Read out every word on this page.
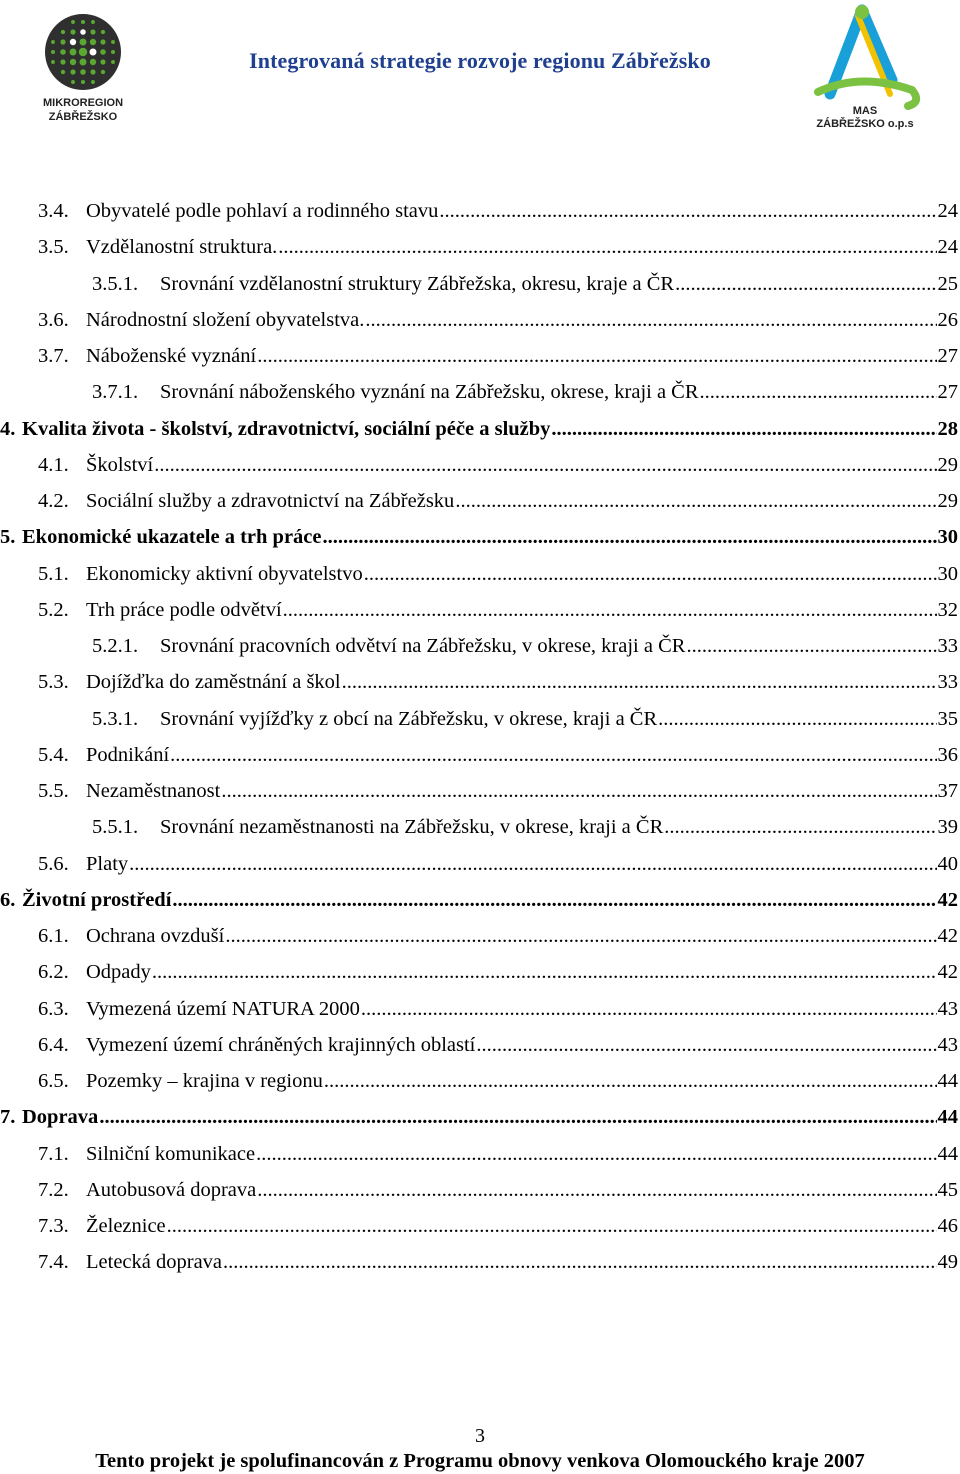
MIKROREGION
ZÁBŘEŽSKO
Integrovaná strategie rozvoje regionu Zábřežsko
MAS
ZÁBŘEŽSKO o.p.s
3.4. Obyvatelé podle pohlaví a rodinného stavu .....	24
3.5. Vzdělanostní struktura. .....	24
3.5.1.	Srovnání vzdělanostní struktury Zábřežska, okresu, kraje a ČR .....	25
3.6. Národnostní složení obyvatelstva. .....	26
3.7. Náboženské vyznání .....	27
3.7.1.	Srovnání náboženského vyznání na Zábřežsku, okrese, kraji a ČR .....	27
4. Kvalita života - školství, zdravotnictví, sociální péče a služby .....	28
4.1. Školství .....	29
4.2. Sociální služby a zdravotnictví na Zábřežsku .....	29
5. Ekonomické ukazatele a trh práce .....	30
5.1. Ekonomicky aktivní obyvatelstvo .....	30
5.2. Trh práce podle odvětví .....	32
5.2.1.	Srovnání pracovních odvětví na Zábřežsku, v okrese, kraji a ČR .....	33
5.3. Dojížďka do zaměstnání a škol .....	33
5.3.1.	Srovnání vyjížďky z obcí na Zábřežsku, v okrese, kraji a ČR .....	35
5.4. Podnikání .....	36
5.5. Nezaměstnanost .....	37
5.5.1.	Srovnání nezaměstnanosti na Zábřežsku, v okrese, kraji a ČR .....	39
5.6. Platy .....	40
6. Životní prostředí .....	42
6.1. Ochrana ovzduší .....	42
6.2. Odpady .....	42
6.3. Vymezená území NATURA 2000 .....	43
6.4. Vymezení území chráněných krajinných oblastí .....	43
6.5. Pozemky – krajina v regionu .....	44
7. Doprava .....	44
7.1. Silniční komunikace .....	44
7.2. Autobusová doprava .....	45
7.3. Železnice .....	46
7.4. Letecká doprava .....	49
3
Tento projekt je spolufinancován z Programu obnovy venkova Olomouckého kraje 2007
